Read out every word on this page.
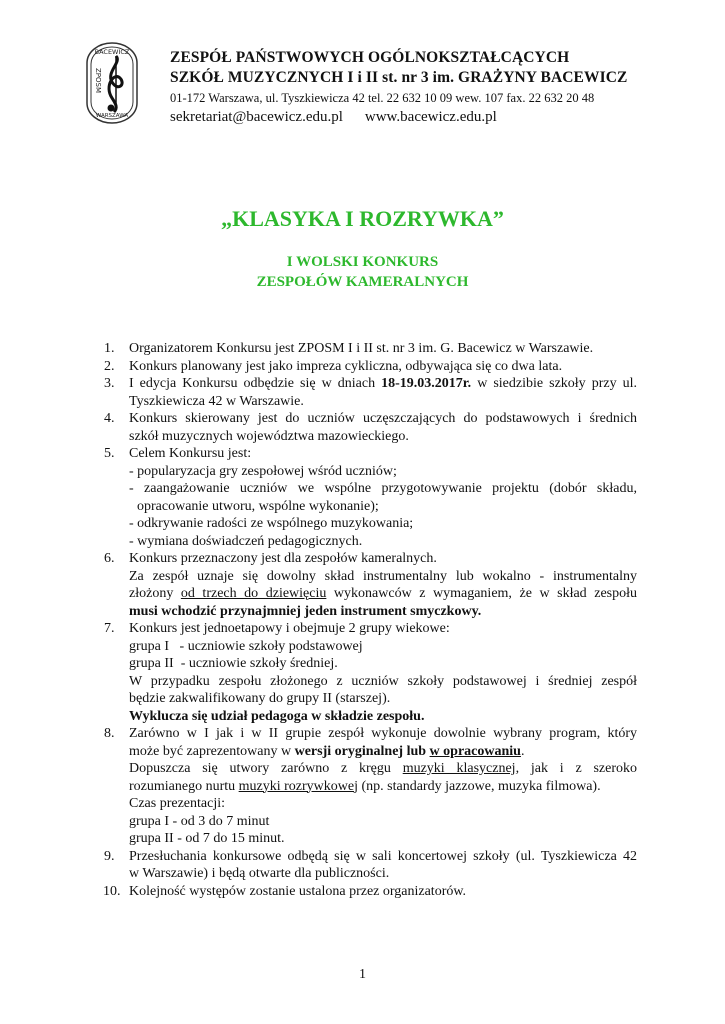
BACEWICZ
WARSZAWA
ZPOSM
ZESPÓŁ PAŃSTWOWYCH OGÓLNOKSZTAŁCĄCYCH
SZKÓŁ MUZYCZNYCH I i II st. nr 3 im. GRAŻYNY BACEWICZ
01-172 Warszawa, ul. Tyszkiewicza 42 tel. 22 632 10 09 wew. 107 fax. 22 632 20 48
sekretariat@bacewicz.edu.pl www.bacewicz.edu.pl
„KLASYKA I ROZRYWKA”
I WOLSKI KONKURS
ZESPOŁÓW KAMERALNYCH
1. Organizatorem Konkursu jest ZPOSM I i II st. nr 3 im. G. Bacewicz w Warszawie.
2. Konkurs planowany jest jako impreza cykliczna, odbywająca się co dwa lata.
3. I edycja Konkursu odbędzie się w dniach 18-19.03.2017r. w siedzibie szkoły przy ul.
Tyszkiewicza 42 w Warszawie.
4. Konkurs skierowany jest do uczniów uczęszczających do podstawowych i średnich
szkół muzycznych województwa mazowieckiego.
5. Celem Konkursu jest:
- popularyzacja gry zespołowej wśród uczniów;
- zaangażowanie uczniów we wspólne przygotowywanie projektu (dobór składu,
opracowanie utworu, wspólne wykonanie);
- odkrywanie radości ze wspólnego muzykowania;
- wymiana doświadczeń pedagogicznych.
6. Konkurs przeznaczony jest dla zespołów kameralnych.
Za zespół uznaje się dowolny skład instrumentalny lub wokalno - instrumentalny
złożony od trzech do dziewięciu wykonawców z wymaganiem, że w skład zespołu
musi wchodzić przynajmniej jeden instrument smyczkowy.
7. Konkurs jest jednoetapowy i obejmuje 2 grupy wiekowe:
grupa I   - uczniowie szkoły podstawowej
grupa II  - uczniowie szkoły średniej.
W przypadku zespołu złożonego z uczniów szkoły podstawowej i średniej zespół
będzie zakwalifikowany do grupy II (starszej).
Wyklucza się udział pedagoga w składzie zespołu.
8. Zarówno w I jak i w II grupie zespół wykonuje dowolnie wybrany program, który
może być zaprezentowany w wersji oryginalnej lub w opracowaniu.
Dopuszcza się utwory zarówno z kręgu muzyki klasycznej, jak i z szeroko
rozumianego nurtu muzyki rozrywkowej (np. standardy jazzowe, muzyka filmowa).
Czas prezentacji:
grupa I - od 3 do 7 minut
grupa II - od 7 do 15 minut.
9. Przesłuchania konkursowe odbędą się w sali koncertowej szkoły (ul. Tyszkiewicza 42
w Warszawie) i będą otwarte dla publiczności.
10. Kolejność występów zostanie ustalona przez organizatorów.
1
